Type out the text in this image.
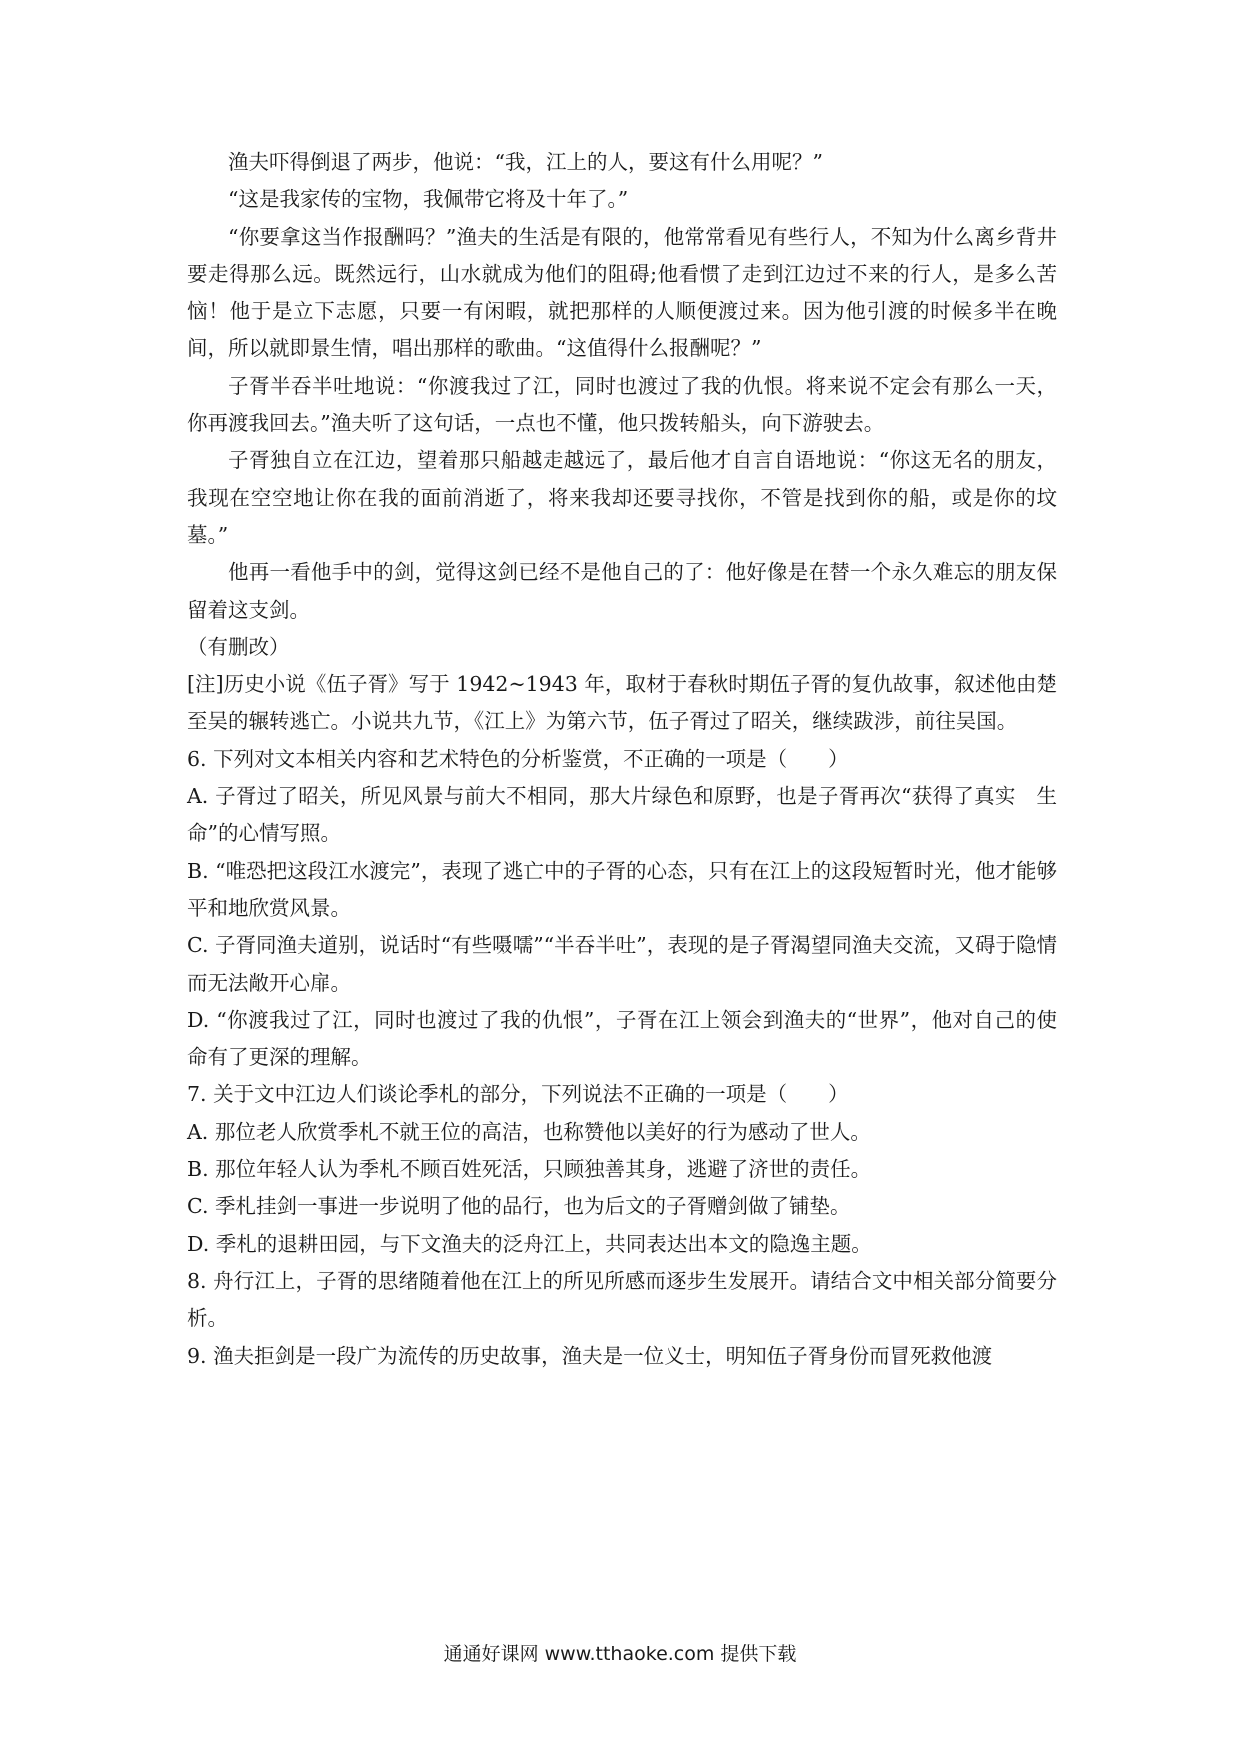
渔夫吓得倒退了两步，他说：“我，江上的人，要这有什么用呢？”

“这是我家传的宝物，我佩带它将及十年了。”

“你要拿这当作报酬吗？”渔夫的生活是有限的，他常常看见有些行人，不知为什么离乡背井要走得那么远。既然远行，山水就成为他们的阻碍;他看惯了走到江边过不来的行人，是多么苦恼！他于是立下志愿，只要一有闲暇，就把那样的人顺便渡过来。因为他引渡的时候多半在晚间，所以就即景生情，唱出那样的歌曲。“这值得什么报酬呢？”

子胥半吞半吐地说：“你渡我过了江，同时也渡过了我的仇恨。将来说不定会有那么一天，你再渡我回去。”渔夫听了这句话，一点也不懂，他只拨转船头，向下游驶去。

子胥独自立在江边，望着那只船越走越远了，最后他才自言自语地说：“你这无名的朋友，我现在空空地让你在我的面前消逝了，将来我却还要寻找你，不管是找到你的船，或是你的坟墓。”

他再一看他手中的剑，觉得这剑已经不是他自己的了：他好像是在替一个永久难忘的朋友保留着这支剑。

（有删改）

[注]历史小说《伍子胥》写于 1942~1943 年，取材于春秋时期伍子胥的复仇故事，叙述他由楚至吴的辗转逃亡。小说共九节，《江上》为第六节，伍子胥过了昭关，继续跋涉，前往吴国。

6. 下列对文本相关内容和艺术特色的分析鉴赏，不正确的一项是（　　）

A. 子胥过了昭关，所见风景与前大不相同，那大片绿色和原野，也是子胥再次“获得了真实　生命”的心情写照。

B. “唯恐把这段江水渡完”，表现了逃亡中的子胥的心态，只有在江上的这段短暂时光，他才能够平和地欣赏风景。

C. 子胥同渔夫道别，说话时“有些嗫嚅”“半吞半吐”，表现的是子胥渴望同渔夫交流，又碍于隐情而无法敞开心扉。

D. “你渡我过了江，同时也渡过了我的仇恨”，子胥在江上领会到渔夫的“世界”，他对自己的使命有了更深的理解。

7. 关于文中江边人们谈论季札的部分，下列说法不正确的一项是（　　）

A. 那位老人欣赏季札不就王位的高洁，也称赞他以美好的行为感动了世人。

B. 那位年轻人认为季札不顾百姓死活，只顾独善其身，逃避了济世的责任。

C. 季札挂剑一事进一步说明了他的品行，也为后文的子胥赠剑做了铺垫。

D. 季札的退耕田园，与下文渔夫的泛舟江上，共同表达出本文的隐逸主题。

8. 舟行江上，子胥的思绪随着他在江上的所见所感而逐步生发展开。请结合文中相关部分简要分析。

9. 渔夫拒剑是一段广为流传的历史故事，渔夫是一位义士，明知伍子胥身份而冒死救他渡

通通好课网 www.tthaoke.com 提供下载
